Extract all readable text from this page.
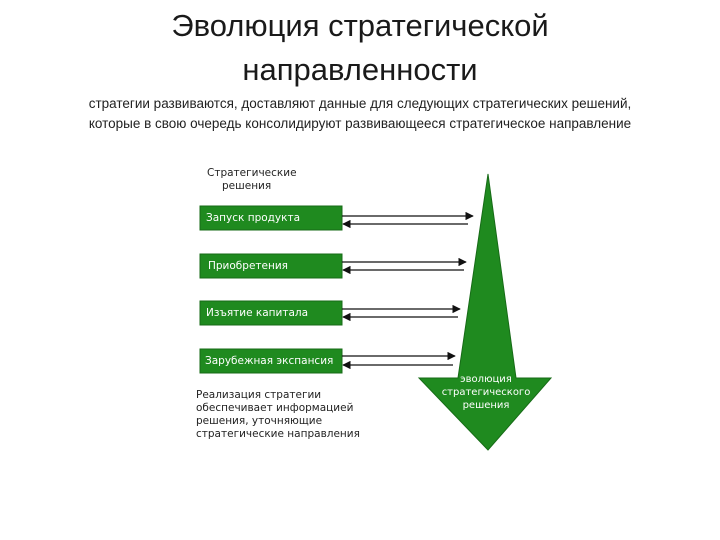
Эволюция стратегической
направленности
стратегии развиваются, доставляют данные для следующих стратегических решений,
которые в свою очередь консолидируют развивающееся стратегическое направление
Стратегические
решения
эволюция
стратегического
решения
Запуск продукта
Приобретения
Изъятие капитала
Зарубежная экспансия
Реализация стратегии
обеспечивает информацией
решения, уточняющие
стратегические направления
